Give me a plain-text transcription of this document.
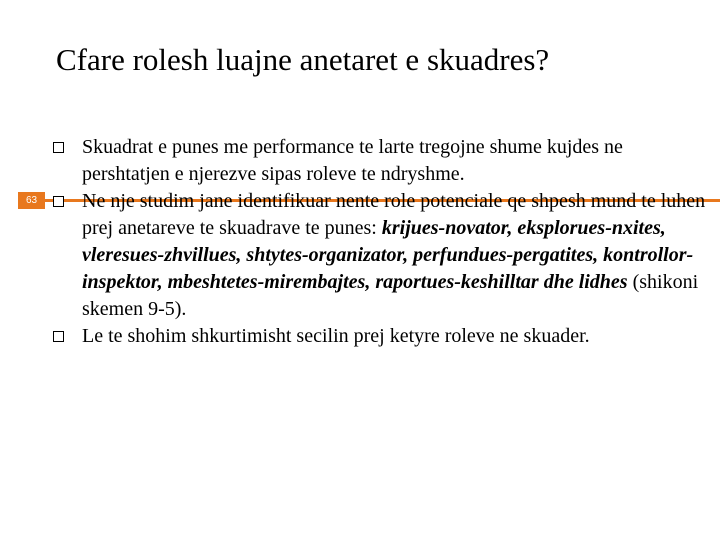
Cfare rolesh luajne anetaret e skuadres?
63
Skuadrat e punes me performance te larte tregojne shume kujdes ne pershtatjen e njerezve sipas roleve te ndryshme.
Ne nje studim jane identifikuar nente role potenciale qe shpesh mund te luhen prej anetareve te skuadrave te punes: krijues-novator, eksplorues-nxites, vleresues-zhvillues, shtytes-organizator, perfundues-pergatites, kontrollor-inspektor, mbeshtetes-mirembajtes, raportues-keshilltar dhe lidhes (shikoni skemen 9-5).
Le te shohim shkurtimisht secilin prej ketyre roleve ne skuader.
